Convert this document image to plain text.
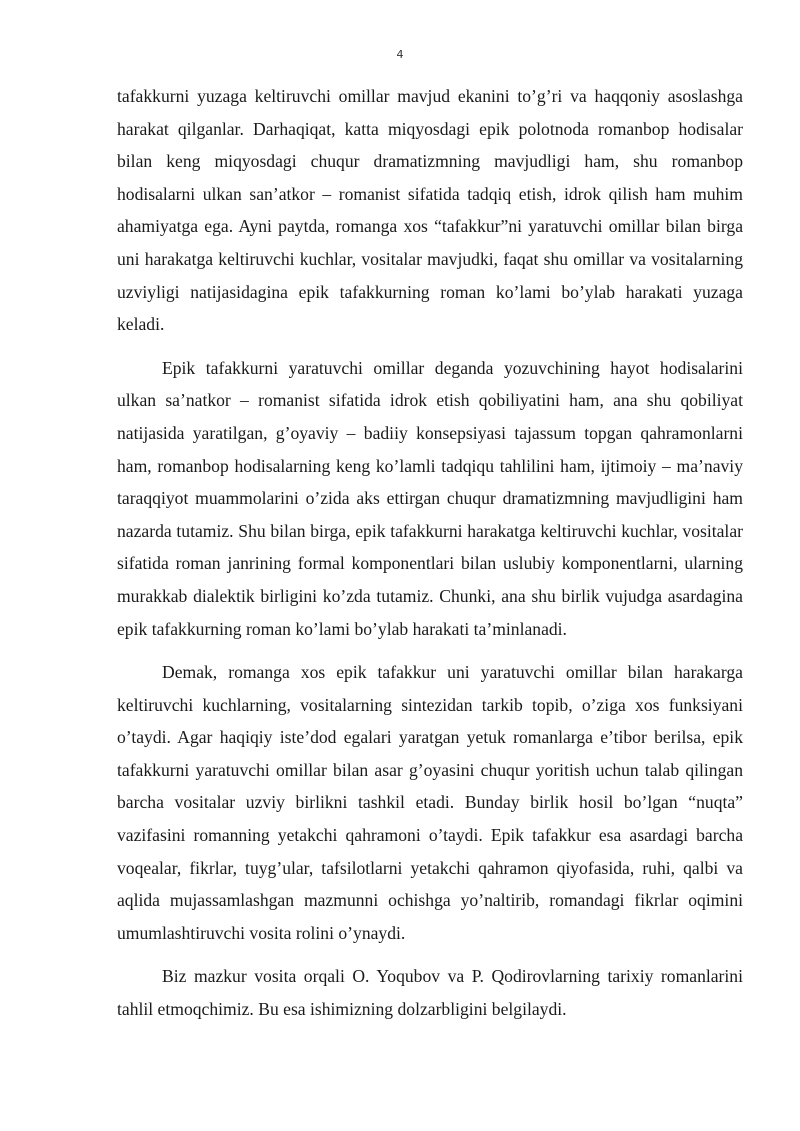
4

tafakkurni yuzaga keltiruvchi omillar mavjud ekanini to’g’ri va haqqoniy asoslashga harakat qilganlar. Darhaqiqat, katta miqyosdagi epik polotnoda romanbop hodisalar bilan keng miqyosdagi chuqur dramatizmning mavjudligi ham, shu romanbop hodisalarni ulkan san’atkor – romanist sifatida tadqiq etish, idrok qilish ham muhim ahamiyatga ega. Ayni paytda, romanga xos “tafakkur”ni yaratuvchi omillar bilan birga uni harakatga keltiruvchi kuchlar, vositalar mavjudki, faqat shu omillar va vositalarning uzviyligi natijasidagina epik tafakkurning roman ko’lami bo’ylab harakati yuzaga keladi.

Epik tafakkurni yaratuvchi omillar deganda yozuvchining hayot hodisalarini ulkan sa’natkor – romanist sifatida idrok etish qobiliyatini ham, ana shu qobiliyat natijasida yaratilgan, g’oyaviy – badiiy konsepsiyasi tajassum topgan qahramonlarni ham, romanbop hodisalarning keng ko’lamli tadqiqu tahlilini ham, ijtimoiy – ma’naviy taraqqiyot muammolarini o’zida aks ettirgan chuqur dramatizmning mavjudligini ham nazarda tutamiz. Shu bilan birga, epik tafakkurni harakatga keltiruvchi kuchlar, vositalar sifatida roman janrining formal komponentlari bilan uslubiy komponentlarni, ularning murakkab dialektik birligini ko’zda tutamiz. Chunki, ana shu birlik vujudga asardagina epik tafakkurning roman ko’lami bo’ylab harakati ta’minlanadi.

Demak, romanga xos epik tafakkur uni yaratuvchi omillar bilan harakarga keltiruvchi kuchlarning, vositalarning sintezidan tarkib topib, o’ziga xos funksiyani o’taydi. Agar haqiqiy iste’dod egalari yaratgan yetuk romanlarga e’tibor berilsa, epik tafakkurni yaratuvchi omillar bilan asar g’oyasini chuqur yoritish uchun talab qilingan barcha vositalar uzviy birlikni tashkil etadi. Bunday birlik hosil bo’lgan “nuqta” vazifasini romanning yetakchi qahramoni o’taydi. Epik tafakkur esa asardagi barcha voqealar, fikrlar, tuyg’ular, tafsilotlarni yetakchi qahramon qiyofasida, ruhi, qalbi va aqlida mujassamlashgan mazmunni ochishga yo’naltirib, romandagi fikrlar oqimini umumlashtiruvchi vosita rolini o’ynaydi.

Biz mazkur vosita orqali O. Yoqubov va P. Qodirovlarning tarixiy romanlarini tahlil etmoqchimiz. Bu esa ishimizning dolzarbligini belgilaydi.
